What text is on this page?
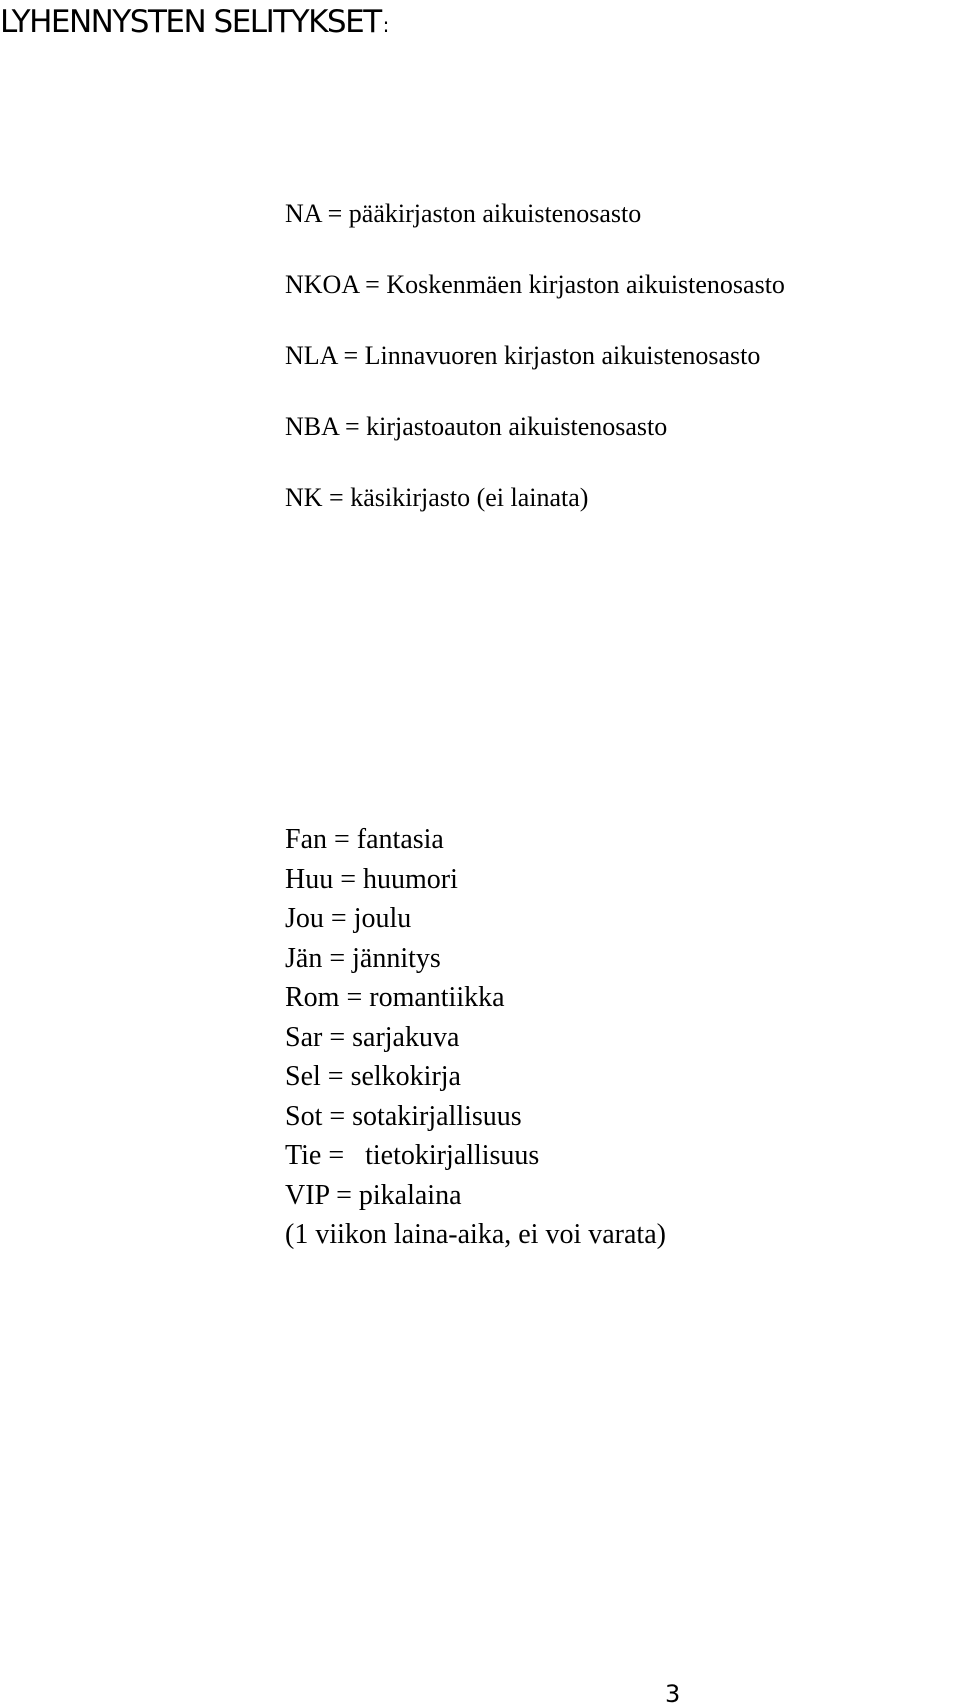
LYHENNYSTEN SELITYKSET :
NA = pääkirjaston aikuistenosasto
NKOA = Koskenmäen kirjaston aikuistenosasto
NLA = Linnavuoren kirjaston aikuistenosasto
NBA = kirjastoauton aikuistenosasto
NK = käsikirjasto (ei lainata)
Fan = fantasia
Huu = huumori
Jou = joulu
Jän = jännitys
Rom = romantiikka
Sar = sarjakuva
Sel = selkokirja
Sot = sotakirjallisuus
Tie =   tietokirjallisuus
VIP = pikalaina
(1 viikon laina-aika, ei voi varata)
3
